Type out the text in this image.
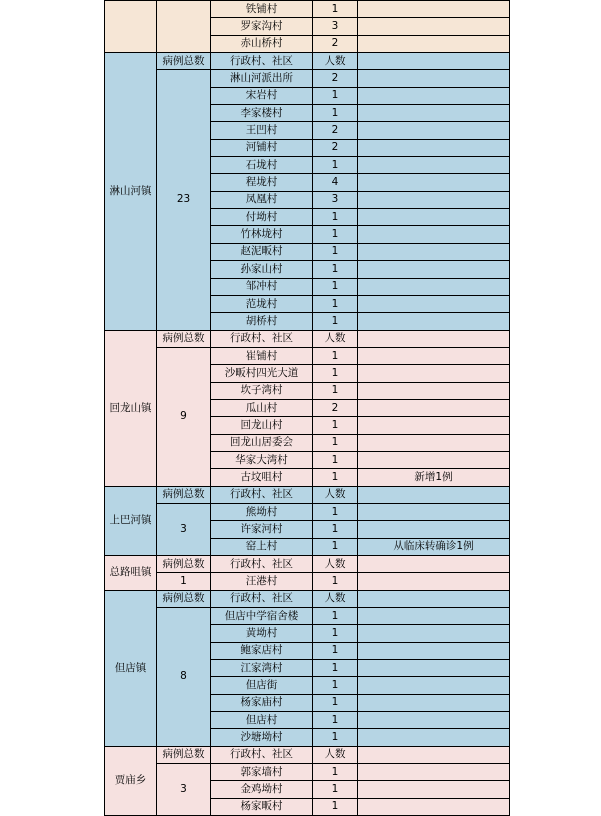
		铁铺村	1	
		罗家沟村	3	
		赤山桥村	2	
淋山河镇	病例总数	行政村、社区	人数	
	23	淋山河派出所	2	
		宋岩村	1	
		李家楼村	1	
		王凹村	2	
		河铺村	2	
		石垅村	1	
		程垅村	4	
		凤凰村	3	
		付坳村	1	
		竹林垅村	1	
		赵泥畈村	1	
		孙家山村	1	
		邹冲村	1	
		范垅村	1	
		胡桥村	1	
回龙山镇	病例总数	行政村、社区	人数	
	9	崔铺村	1	
		沙畈村四光大道	1	
		坎子湾村	1	
		瓜山村	2	
		回龙山村	1	
		回龙山居委会	1	
		华家大湾村	1	
		古坟咀村	1	新增1例
上巴河镇	病例总数	行政村、社区	人数	
	3	熊坳村	1	
		许家河村	1	
		窑上村	1	从临床转确诊1例
总路咀镇	病例总数	行政村、社区	人数	
	1	汪港村	1	
但店镇	病例总数	行政村、社区	人数	
	8	但店中学宿舍楼	1	
		黄坳村	1	
		鲍家店村	1	
		江家湾村	1	
		但店街	1	
		杨家庙村	1	
		但店村	1	
		沙塘坳村	1	
贾庙乡	病例总数	行政村、社区	人数	
	3	郭家墙村	1	
		金鸡坳村	1	
		杨家畈村	1	
